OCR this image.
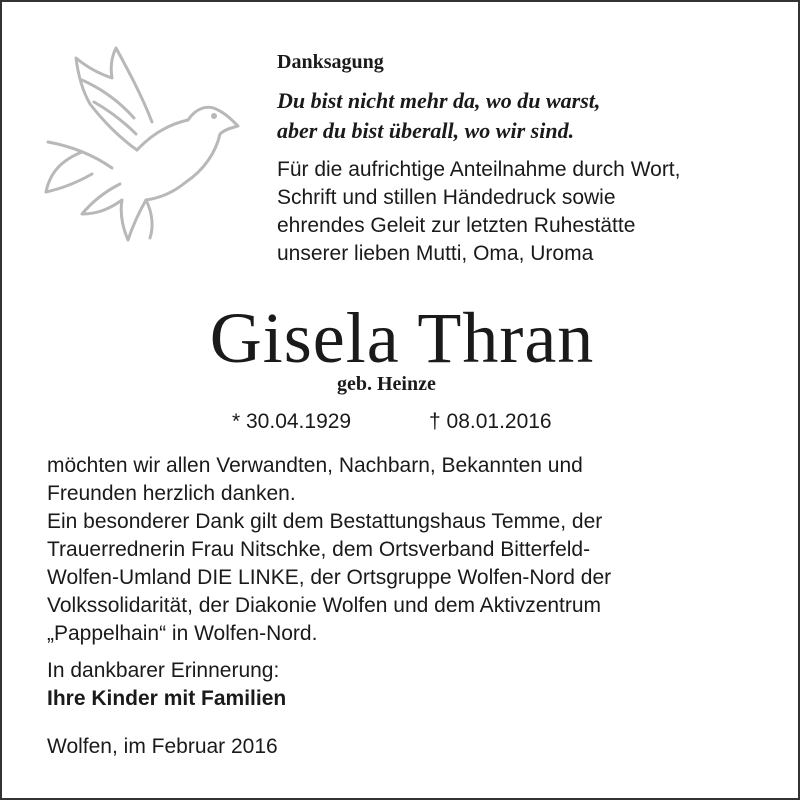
Danksagung
Du bist nicht mehr da, wo du warst,
aber du bist überall, wo wir sind.
Für die aufrichtige Anteilnahme durch Wort,
Schrift und stillen Händedruck sowie
ehrendes Geleit zur letzten Ruhestätte
unserer lieben Mutti, Oma, Uroma
Gisela Thran
geb. Heinze
* 30.04.1929	† 08.01.2016
möchten wir allen Verwandten, Nachbarn, Bekannten und
Freunden herzlich danken.
Ein besonderer Dank gilt dem Bestattungshaus Temme, der
Trauerrednerin Frau Nitschke, dem Ortsverband Bitterfeld-
Wolfen-Umland DIE LINKE, der Ortsgruppe Wolfen-Nord der
Volkssolidarität, der Diakonie Wolfen und dem Aktivzentrum
„Pappelhain“ in Wolfen-Nord.
In dankbarer Erinnerung:
Ihre Kinder mit Familien
Wolfen, im Februar 2016
